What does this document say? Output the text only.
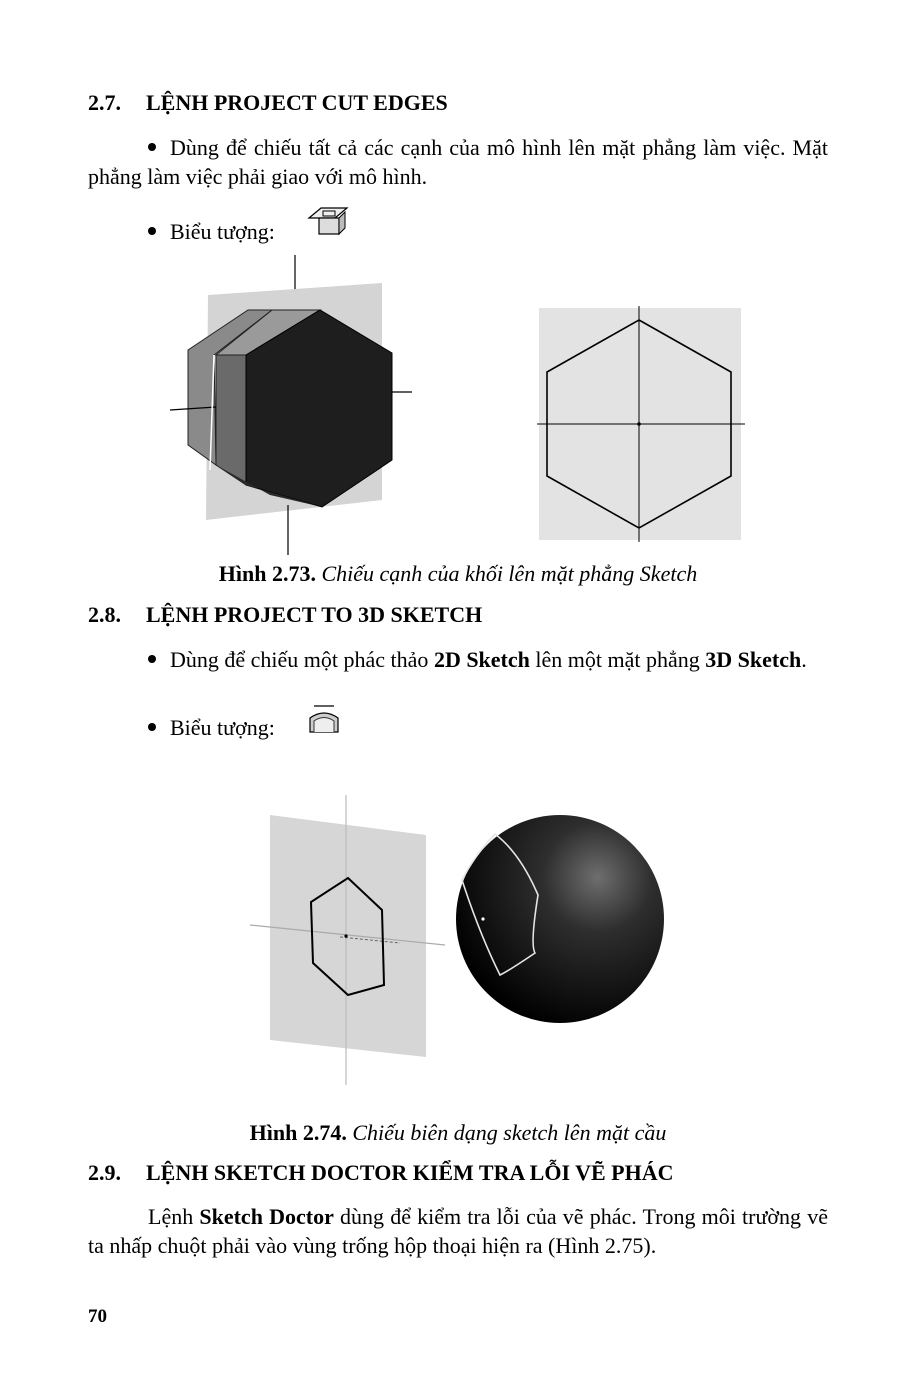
2.7. LỆNH PROJECT CUT EDGES
Dùng để chiếu tất cả các cạnh của mô hình lên mặt phẳng làm việc. Mặt phẳng làm việc phải giao với mô hình.
Biểu tượng:
Hình 2.73. Chiếu cạnh của khối lên mặt phẳng Sketch
2.8. LỆNH PROJECT TO 3D SKETCH
Dùng để chiếu một phác thảo 2D Sketch lên một mặt phẳng 3D Sketch.
Biểu tượng:
Hình 2.74. Chiếu biên dạng sketch lên mặt cầu
2.9. LỆNH SKETCH DOCTOR KIỂM TRA LỖI VẼ PHÁC
Lệnh Sketch Doctor dùng để kiểm tra lỗi của vẽ phác. Trong môi trường vẽ ta nhấp chuột phải vào vùng trống hộp thoại hiện ra (Hình 2.75).
70
